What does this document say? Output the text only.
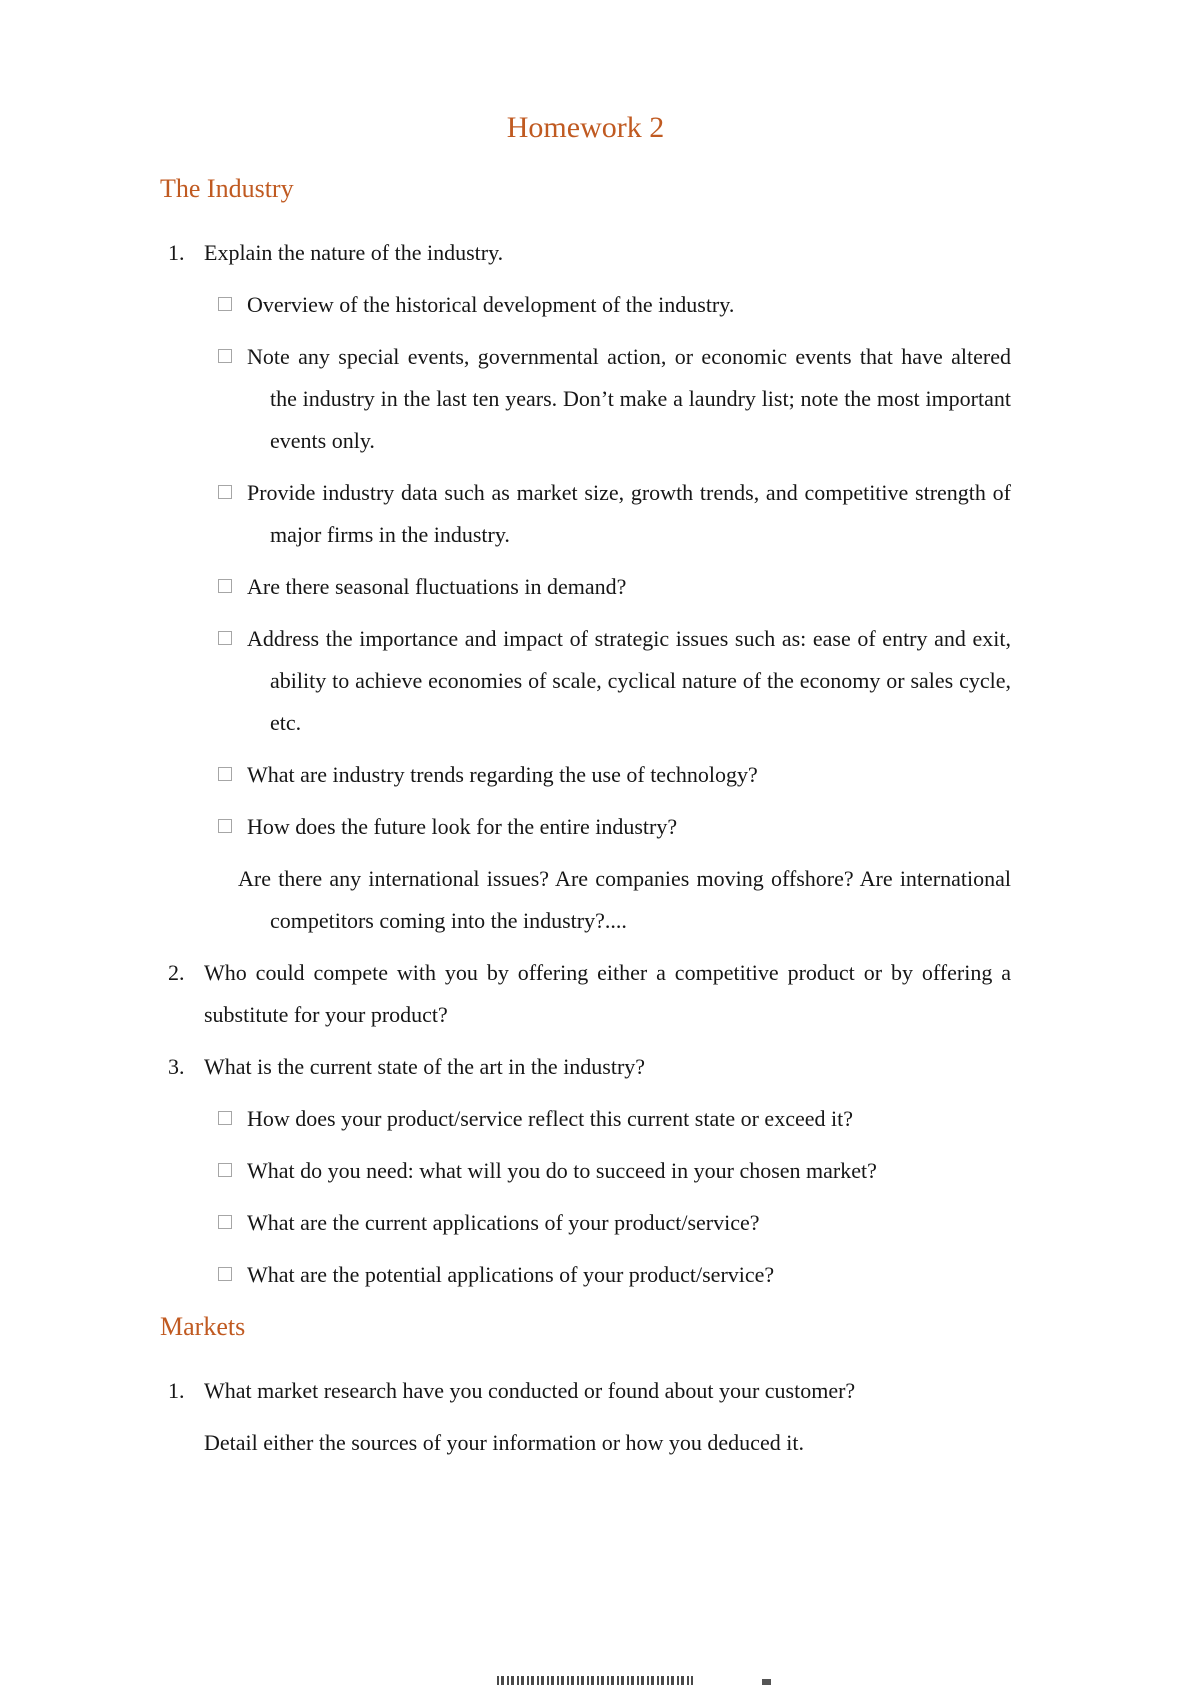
Homework 2
The Industry
1. Explain the nature of the industry.
Overview of the historical development of the industry.
Note any special events, governmental action, or economic events that have altered the industry in the last ten years. Don’t make a laundry list; note the most important events only.
Provide industry data such as market size, growth trends, and competitive strength of major firms in the industry.
Are there seasonal fluctuations in demand?
Address the importance and impact of strategic issues such as: ease of entry and exit, ability to achieve economies of scale, cyclical nature of the economy or sales cycle, etc.
What are industry trends regarding the use of technology?
How does the future look for the entire industry?
Are there any international issues? Are companies moving offshore? Are international competitors coming into the industry?....
2. Who could compete with you by offering either a competitive product or by offering a substitute for your product?
3. What is the current state of the art in the industry?
How does your product/service reflect this current state or exceed it?
What do you need: what will you do to succeed in your chosen market?
What are the current applications of your product/service?
What are the potential applications of your product/service?
Markets
1. What market research have you conducted or found about your customer?
Detail either the sources of your information or how you deduced it.
